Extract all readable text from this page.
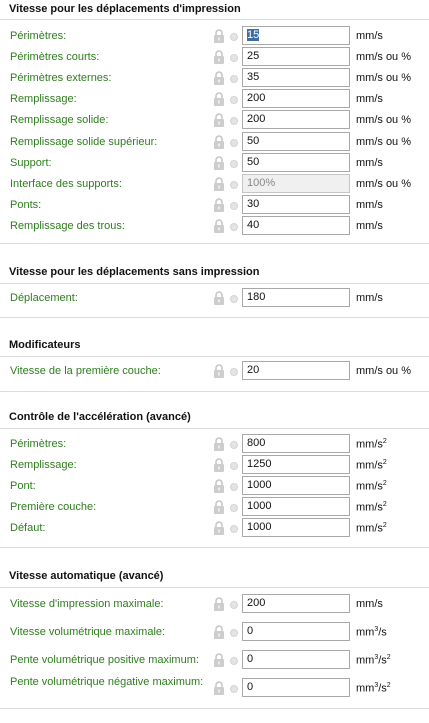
Vitesse pour les déplacements d'impression
Périmètres:	15	mm/s
Périmètres courts:	25	mm/s ou %
Périmètres externes:	35	mm/s ou %
Remplissage:	200	mm/s
Remplissage solide:	200	mm/s ou %
Remplissage solide supérieur:	50	mm/s ou %
Support:	50	mm/s
Interface des supports:	100%	mm/s ou %
Ponts:	30	mm/s
Remplissage des trous:	40	mm/s
Vitesse pour les déplacements sans impression
Déplacement:	180	mm/s
Modificateurs
Vitesse de la première couche:	20	mm/s ou %
Contrôle de l'accélération (avancé)
Périmètres:	800	$mm/s^2$
Remplissage:	1250	$mm/s^2$
Pont:	1000	$mm/s^2$
Première couche:	1000	$mm/s^2$
Défaut:	1000	$mm/s^2$
Vitesse automatique (avancé)
Vitesse d'impression maximale:	200	mm/s
Vitesse volumétrique maximale:	0	$mm^3/s$
Pente volumétrique positive maximum:	0	$mm^3/s^2$
Pente volumétrique négative maximum:	0	$mm^3/s^2$
